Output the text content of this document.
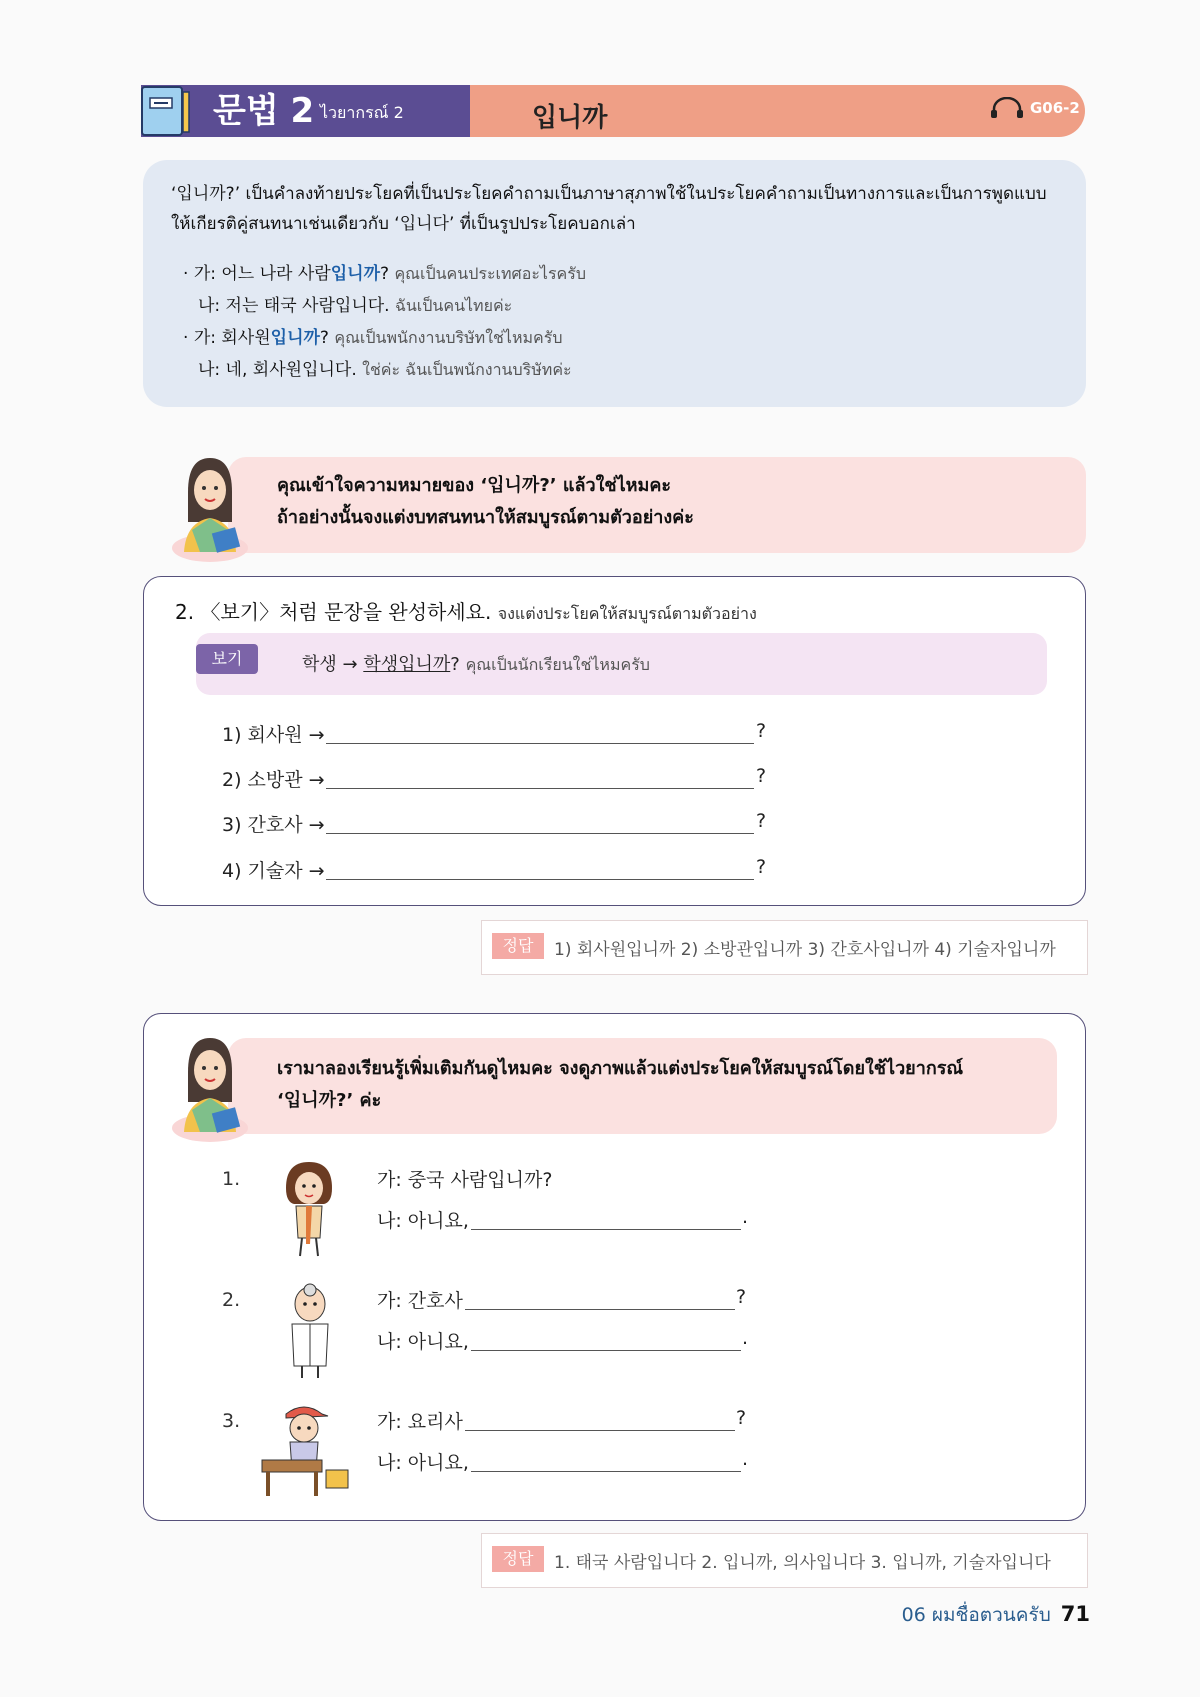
문법 2 ไวยากรณ์ 2	입니까	G06-2
‘입니까?’ เป็นคำลงท้ายประโยคที่เป็นประโยคคำถามเป็นภาษาสุภาพใช้ในประโยคคำถามเป็นทางการและเป็นการพูดแบบ
ให้เกียรติคู่สนทนาเช่นเดียวกับ ‘입니다’ ที่เป็นรูปประโยคบอกเล่า
· 가: 어느 나라 사람입니까? คุณเป็นคนประเทศอะไรครับ
나: 저는 태국 사람입니다. ฉันเป็นคนไทยค่ะ
· 가: 회사원입니까? คุณเป็นพนักงานบริษัทใช่ไหมครับ
나: 네, 회사원입니다. ใช่ค่ะ ฉันเป็นพนักงานบริษัทค่ะ
คุณเข้าใจความหมายของ ‘입니까?’ แล้วใช่ไหมคะ
ถ้าอย่างนั้นจงแต่งบทสนทนาให้สมบูรณ์ตามตัวอย่างค่ะ
2. 〈보기〉처럼 문장을 완성하세요. จงแต่งประโยคให้สมบูรณ์ตามตัวอย่าง
보기	학생 → 학생입니까? คุณเป็นนักเรียนใช่ไหมครับ
1) 회사원 →	?
2) 소방관 →	?
3) 간호사 →	?
4) 기술자 →	?
정답	1) 회사원입니까 2) 소방관입니까 3) 간호사입니까 4) 기술자입니까
เรามาลองเรียนรู้เพิ่มเติมกันดูไหมคะ จงดูภาพแล้วแต่งประโยคให้สมบูรณ์โดยใช้ไวยากรณ์
‘입니까?’ ค่ะ
1.	가: 중국 사람입니까?
나: 아니요,	.
2.	가: 간호사	?
나: 아니요,	.
3.	가: 요리사	?
나: 아니요,	.
정답	1. 태국 사람입니다 2. 입니까, 의사입니다 3. 입니까, 기술자입니다
06 ผมชื่อตวนครับ 71
